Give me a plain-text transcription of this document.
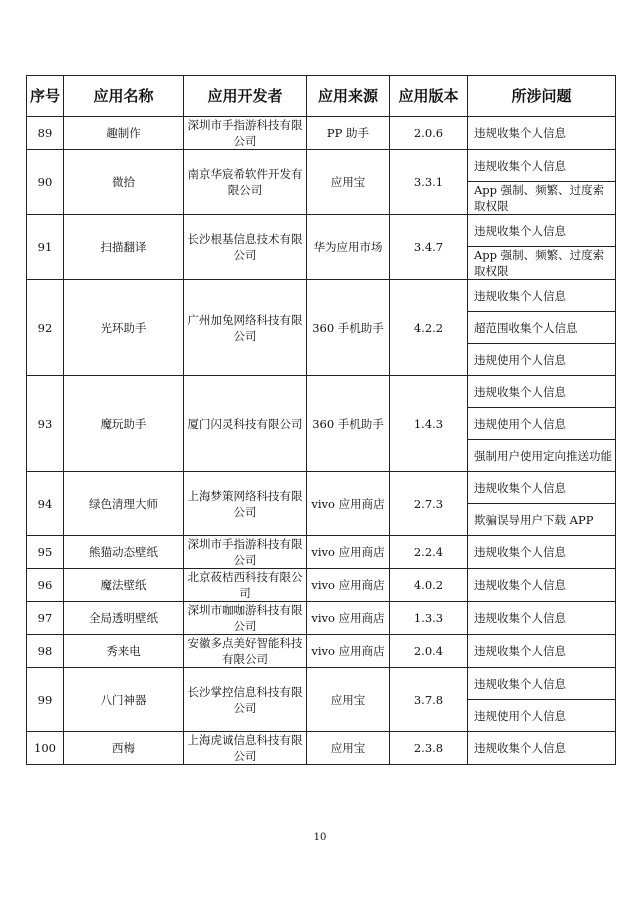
序号	应用名称	应用开发者	应用来源	应用版本	所涉问题
89	趣制作	深圳市手指游科技有限公司	PP 助手	2.0.6	违规收集个人信息
90	微拾	南京华宸希软件开发有限公司	应用宝	3.3.1	违规收集个人信息
					App 强制、频繁、过度索取权限
91	扫描翻译	长沙根基信息技术有限公司	华为应用市场	3.4.7	违规收集个人信息
					App 强制、频繁、过度索取权限
92	光环助手	广州加兔网络科技有限公司	360 手机助手	4.2.2	违规收集个人信息
					超范围收集个人信息
					违规使用个人信息
93	魔玩助手	厦门闪灵科技有限公司	360 手机助手	1.4.3	违规收集个人信息
					违规使用个人信息
					强制用户使用定向推送功能
94	绿色清理大师	上海梦策网络科技有限公司	vivo 应用商店	2.7.3	违规收集个人信息
					欺骗误导用户下载 APP
95	熊猫动态壁纸	深圳市手指游科技有限公司	vivo 应用商店	2.2.4	违规收集个人信息
96	魔法壁纸	北京莜桔西科技有限公司	vivo 应用商店	4.0.2	违规收集个人信息
97	全局透明壁纸	深圳市咖咖游科技有限公司	vivo 应用商店	1.3.3	违规收集个人信息
98	秀来电	安徽多点美好智能科技有限公司	vivo 应用商店	2.0.4	违规收集个人信息
99	八门神器	长沙掌控信息科技有限公司	应用宝	3.7.8	违规收集个人信息
					违规使用个人信息
100	西梅	上海虎诚信息科技有限公司	应用宝	2.3.8	违规收集个人信息
10
